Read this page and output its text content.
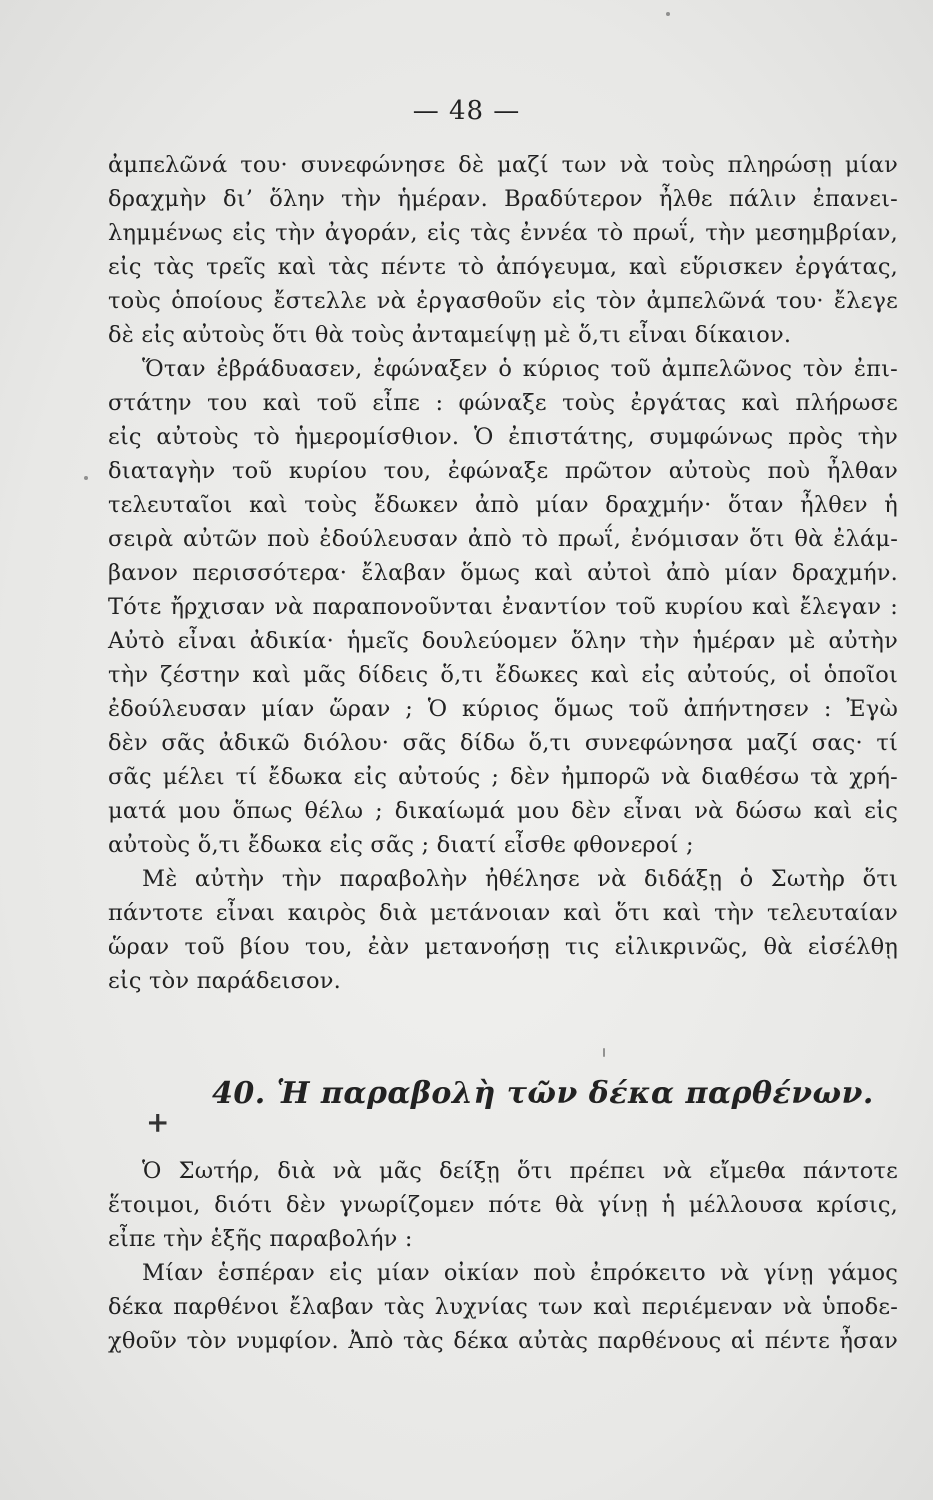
— 48 —
ἀμπελῶνά του· συνεφώνησε δὲ μαζί των νὰ τοὺς πληρώσῃ μίαν
δραχμὴν δι’ ὅλην τὴν ἡμέραν. Βραδύτερον ἦλθε πάλιν ἐπανει-
λημμένως εἰς τὴν ἀγοράν, εἰς τὰς ἐννέα τὸ πρωΐ, τὴν μεσημβρίαν,
εἰς τὰς τρεῖς καὶ τὰς πέντε τὸ ἀπόγευμα, καὶ εὕρισκεν ἐργάτας,
τοὺς ὁποίους ἔστελλε νὰ ἐργασθοῦν εἰς τὸν ἀμπελῶνά του· ἔλεγε
δὲ εἰς αὐτοὺς ὅτι θὰ τοὺς ἀνταμείψῃ μὲ ὅ,τι εἶναι δίκαιον.
Ὅταν ἐβράδυασεν, ἐφώναξεν ὁ κύριος τοῦ ἀμπελῶνος τὸν ἐπι-
στάτην του καὶ τοῦ εἶπε : φώναξε τοὺς ἐργάτας καὶ πλήρωσε
εἰς αὐτοὺς τὸ ἡμερομίσθιον. Ὁ ἐπιστάτης, συμφώνως πρὸς τὴν
διαταγὴν τοῦ κυρίου του, ἐφώναξε πρῶτον αὐτοὺς ποὺ ἦλθαν
τελευταῖοι καὶ τοὺς ἔδωκεν ἀπὸ μίαν δραχμήν· ὅταν ἦλθεν ἡ
σειρὰ αὐτῶν ποὺ ἐδούλευσαν ἀπὸ τὸ πρωΐ, ἐνόμισαν ὅτι θὰ ἐλάμ-
βανον περισσότερα· ἔλαβαν ὅμως καὶ αὐτοὶ ἀπὸ μίαν δραχμήν.
Τότε ἤρχισαν νὰ παραπονοῦνται ἐναντίον τοῦ κυρίου καὶ ἔλεγαν :
Αὐτὸ εἶναι ἀδικία· ἡμεῖς δουλεύομεν ὅλην τὴν ἡμέραν μὲ αὐτὴν
τὴν ζέστην καὶ μᾶς δίδεις ὅ,τι ἔδωκες καὶ εἰς αὐτούς, οἱ ὁποῖοι
ἐδούλευσαν μίαν ὥραν ; Ὁ κύριος ὅμως τοῦ ἀπήντησεν : Ἐγὼ
δὲν σᾶς ἀδικῶ διόλου· σᾶς δίδω ὅ,τι συνεφώνησα μαζί σας· τί
σᾶς μέλει τί ἔδωκα εἰς αὐτούς ; δὲν ἠμπορῶ νὰ διαθέσω τὰ χρή-
ματά μου ὅπως θέλω ; δικαίωμά μου δὲν εἶναι νὰ δώσω καὶ εἰς
αὐτοὺς ὅ,τι ἔδωκα εἰς σᾶς ; διατί εἶσθε φθονεροί ;
Μὲ αὐτὴν τὴν παραβολὴν ἠθέλησε νὰ διδάξῃ ὁ Σωτὴρ ὅτι
πάντοτε εἶναι καιρὸς διὰ μετάνοιαν καὶ ὅτι καὶ τὴν τελευταίαν
ὥραν τοῦ βίου του, ἐὰν μετανοήσῃ τις εἰλικρινῶς, θὰ εἰσέλθῃ
εἰς τὸν παράδεισον.
40. Ἡ παραβολὴ τῶν δέκα παρθένων.
+
Ὁ Σωτήρ, διὰ νὰ μᾶς δείξῃ ὅτι πρέπει νὰ εἴμεθα πάντοτε
ἕτοιμοι, διότι δὲν γνωρίζομεν πότε θὰ γίνῃ ἡ μέλλουσα κρίσις,
εἶπε τὴν ἑξῆς παραβολήν :
Μίαν ἑσπέραν εἰς μίαν οἰκίαν ποὺ ἐπρόκειτο νὰ γίνῃ γάμος
δέκα παρθένοι ἔλαβαν τὰς λυχνίας των καὶ περιέμεναν νὰ ὑποδε-
χθοῦν τὸν νυμφίον. Ἀπὸ τὰς δέκα αὐτὰς παρθένους αἱ πέντε ἦσαν
